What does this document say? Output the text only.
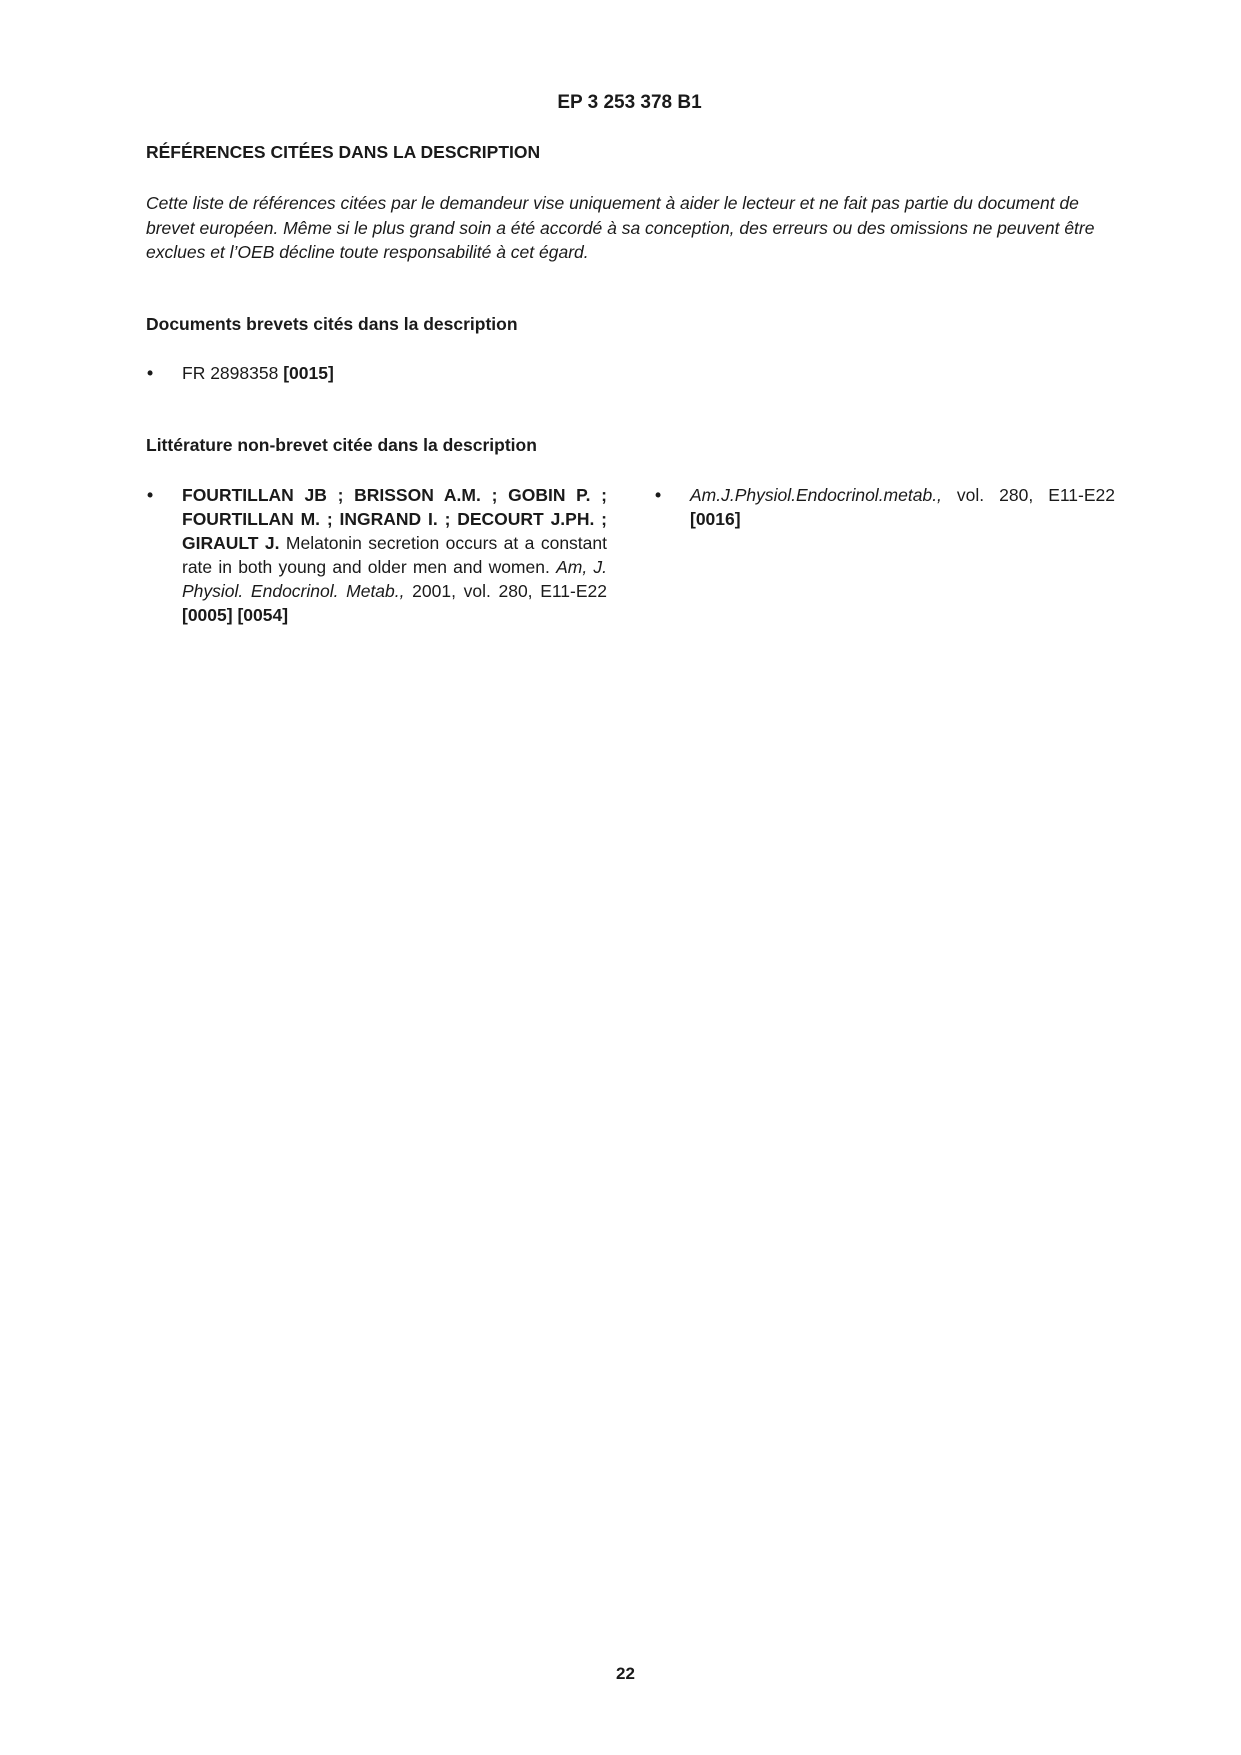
EP 3 253 378 B1
RÉFÉRENCES CITÉES DANS LA DESCRIPTION

Cette liste de références citées par le demandeur vise uniquement à aider le lecteur et ne fait pas partie du document de brevet européen. Même si le plus grand soin a été accordé à sa conception, des erreurs ou des omissions ne peuvent être exclues et l’OEB décline toute responsabilité à cet égard.

Documents brevets cités dans la description
• FR 2898358 [0015]
Littérature non-brevet citée dans la description
• FOURTILLAN JB ; BRISSON A.M. ; GOBIN P. ; FOURTILLAN M. ; INGRAND I. ; DECOURT J.PH. ; GIRAULT J. Melatonin secretion occurs at a constant rate in both young and older men and women. Am, J. Physiol. Endocrinol. Metab., 2001, vol. 280, E11-E22 [0005] [0054]
• Am.J.Physiol.Endocrinol.metab., vol. 280, E11-E22 [0016]
22
